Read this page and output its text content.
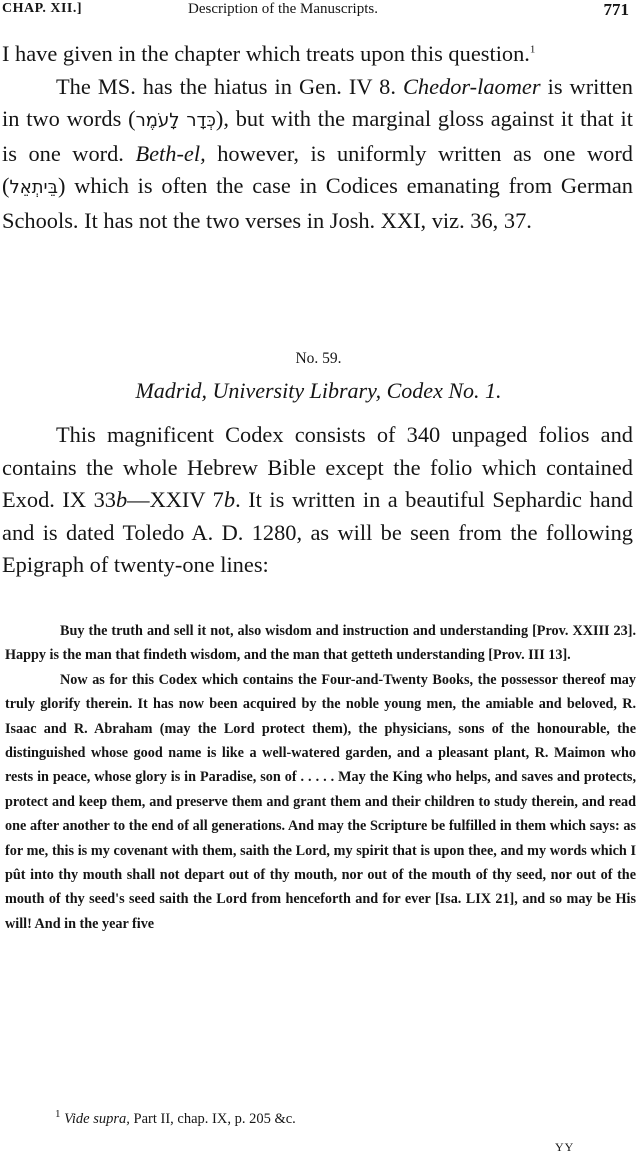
CHAP. XII.]	Description of the Manuscripts.	771

I have given in the chapter which treats upon this question.$^1$

The MS. has the hiatus in Gen. IV 8. Chedor-laomer is written in two words (כְּדָר לָעֹמֶר), but with the marginal gloss against it that it is one word. Beth-el, however, is uniformly written as one word (בֵּיתְאֵל) which is often the case in Codices emanating from German Schools. It has not the two verses in Josh. XXI, viz. 36, 37.

No. 59.
Madrid, University Library, Codex No. 1.

This magnificent Codex consists of 340 unpaged folios and contains the whole Hebrew Bible except the folio which contained Exod. IX 33b—XXIV 7b. It is written in a beautiful Sephardic hand and is dated Toledo A. D. 1280, as will be seen from the following Epigraph of twenty-one lines:

Buy the truth and sell it not, also wisdom and instruction and understanding [Prov. XXIII 23]. Happy is the man that findeth wisdom, and the man that getteth understanding [Prov. III 13].

Now as for this Codex which contains the Four-and-Twenty Books, the possessor thereof may truly glorify therein. It has now been acquired by the noble young men, the amiable and beloved, R. Isaac and R. Abraham (may the Lord protect them), the physicians, sons of the honourable, the distinguished whose good name is like a well-watered garden, and a pleasant plant, R. Maimon who rests in peace, whose glory is in Paradise, son of . . . . . May the King who helps, and saves and protects, protect and keep them, and preserve them and grant them and their children to study therein, and read one after another to the end of all generations. And may the Scripture be fulfilled in them which says: as for me, this is my covenant with them, saith the Lord, my spirit that is upon thee, and my words which I pût into thy mouth shall not depart out of thy mouth, nor out of the mouth of thy seed, nor out of the mouth of thy seed's seed saith the Lord from henceforth and for ever [Isa. LIX 21], and so may be His will! And in the year five

$^1$ Vide supra, Part II, chap. IX, p. 205 &c.
YY
